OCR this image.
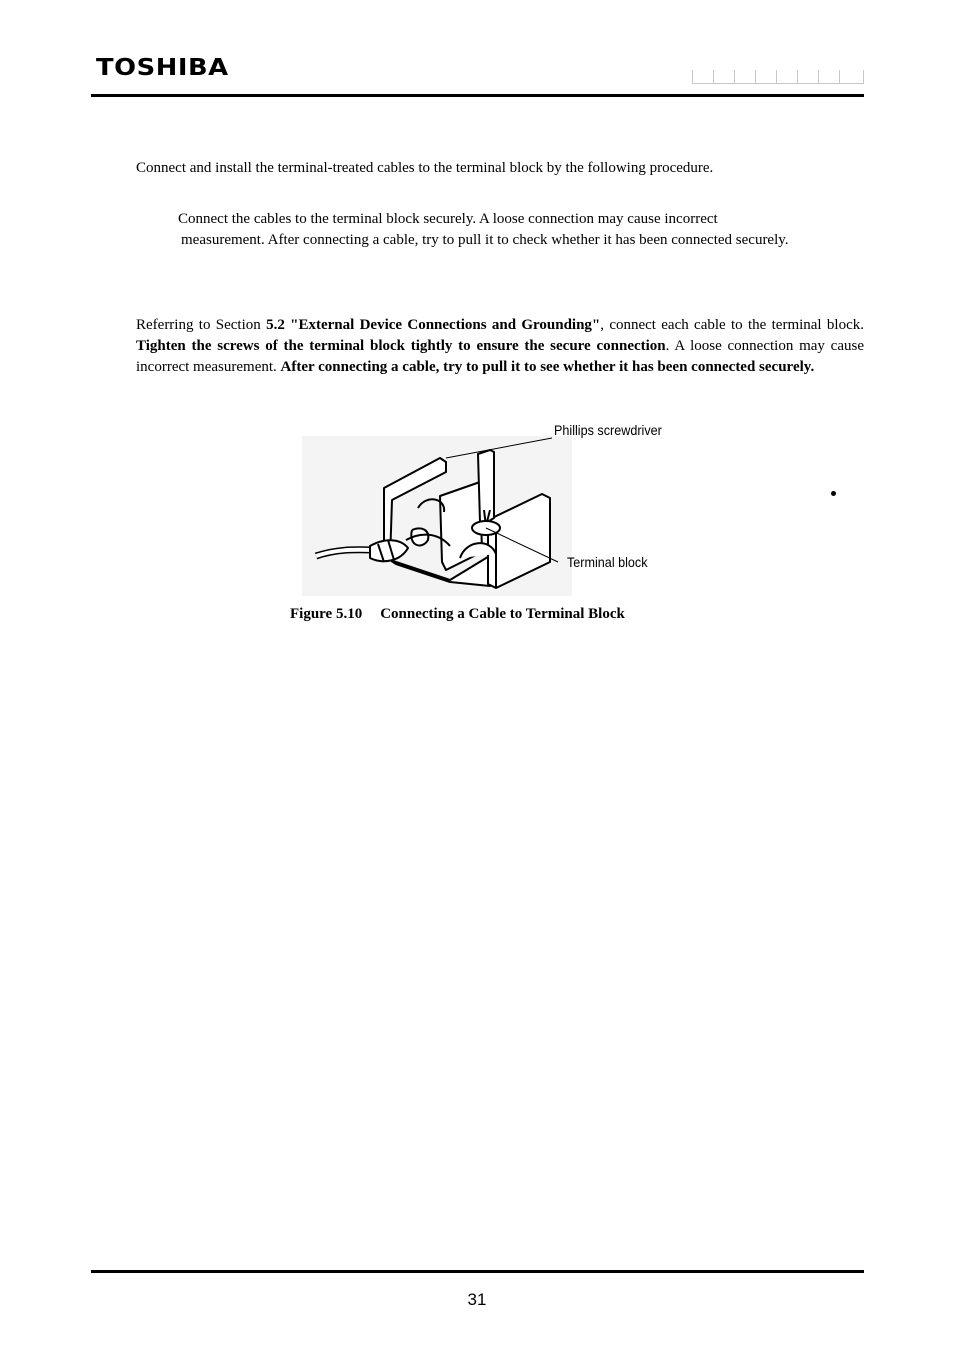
TOSHIBA

Connect and install the terminal-treated cables to the terminal block by the following procedure.

Connect the cables to the terminal block securely. A loose connection may cause incorrect
measurement. After connecting a cable, try to pull it to check whether it has been connected securely.

Referring to Section 5.2 "External Device Connections and Grounding", connect each cable to the terminal block. Tighten the screws of the terminal block tightly to ensure the secure connection. A loose connection may cause incorrect measurement. After connecting a cable, try to pull it to see whether it has been connected securely.

Phillips screwdriver
Terminal block
Figure 5.10 Connecting a Cable to Terminal Block
31
